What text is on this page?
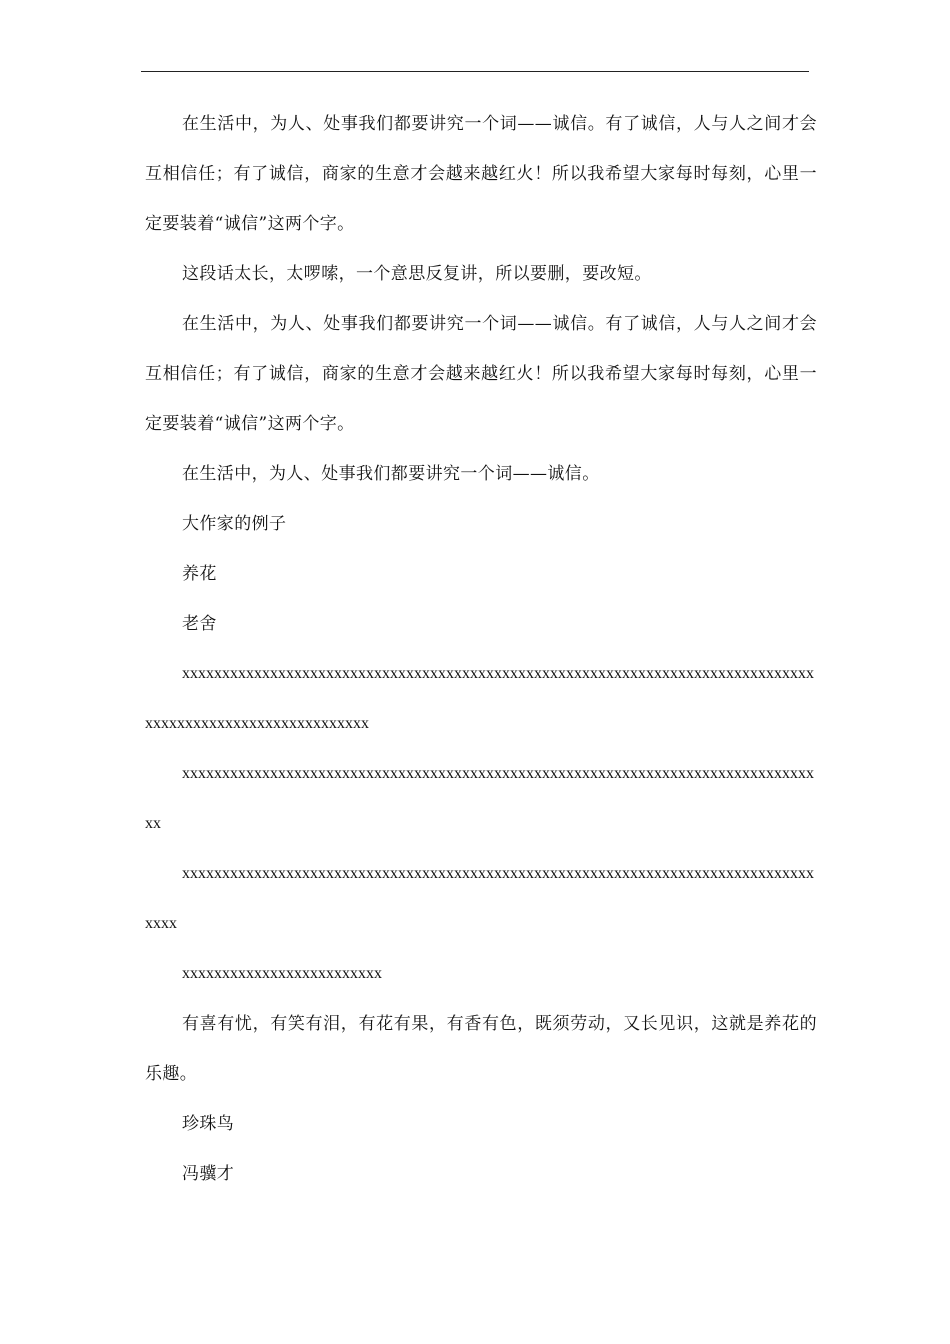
在生活中，为人、处事我们都要讲究一个词——诚信。有了诚信，人与人之间才会互相信任；有了诚信，商家的生意才会越来越红火！所以我希望大家每时每刻，心里一定要装着“诚信”这两个字。

这段话太长，太啰嗦，一个意思反复讲，所以要删，要改短。

在生活中，为人、处事我们都要讲究一个词——诚信。有了诚信，人与人之间才会互相信任；有了诚信，商家的生意才会越来越红火！所以我希望大家每时每刻，心里一定要装着“诚信”这两个字。

在生活中，为人、处事我们都要讲究一个词——诚信。

大作家的例子

养花

老舍

xxxxxxxxxxxxxxxxxxxxxxxxxxxxxxxxxxxxxxxxxxxxxxxxxxxxxxxxxxxxxxxxxxxxxxxxxxxxxxxxxxxxxxxxxxxxxxxxxxxxxxxxxxx

xxxxxxxxxxxxxxxxxxxxxxxxxxxxxxxxxxxxxxxxxxxxxxxxxxxxxxxxxxxxxxxxxxxxxxxxxxxxxxxxx

xxxxxxxxxxxxxxxxxxxxxxxxxxxxxxxxxxxxxxxxxxxxxxxxxxxxxxxxxxxxxxxxxxxxxxxxxxxxxxxxxxx

xxxxxxxxxxxxxxxxxxxxxxxxx

有喜有忧，有笑有泪，有花有果，有香有色，既须劳动，又长见识，这就是养花的乐趣。

珍珠鸟

冯骥才
